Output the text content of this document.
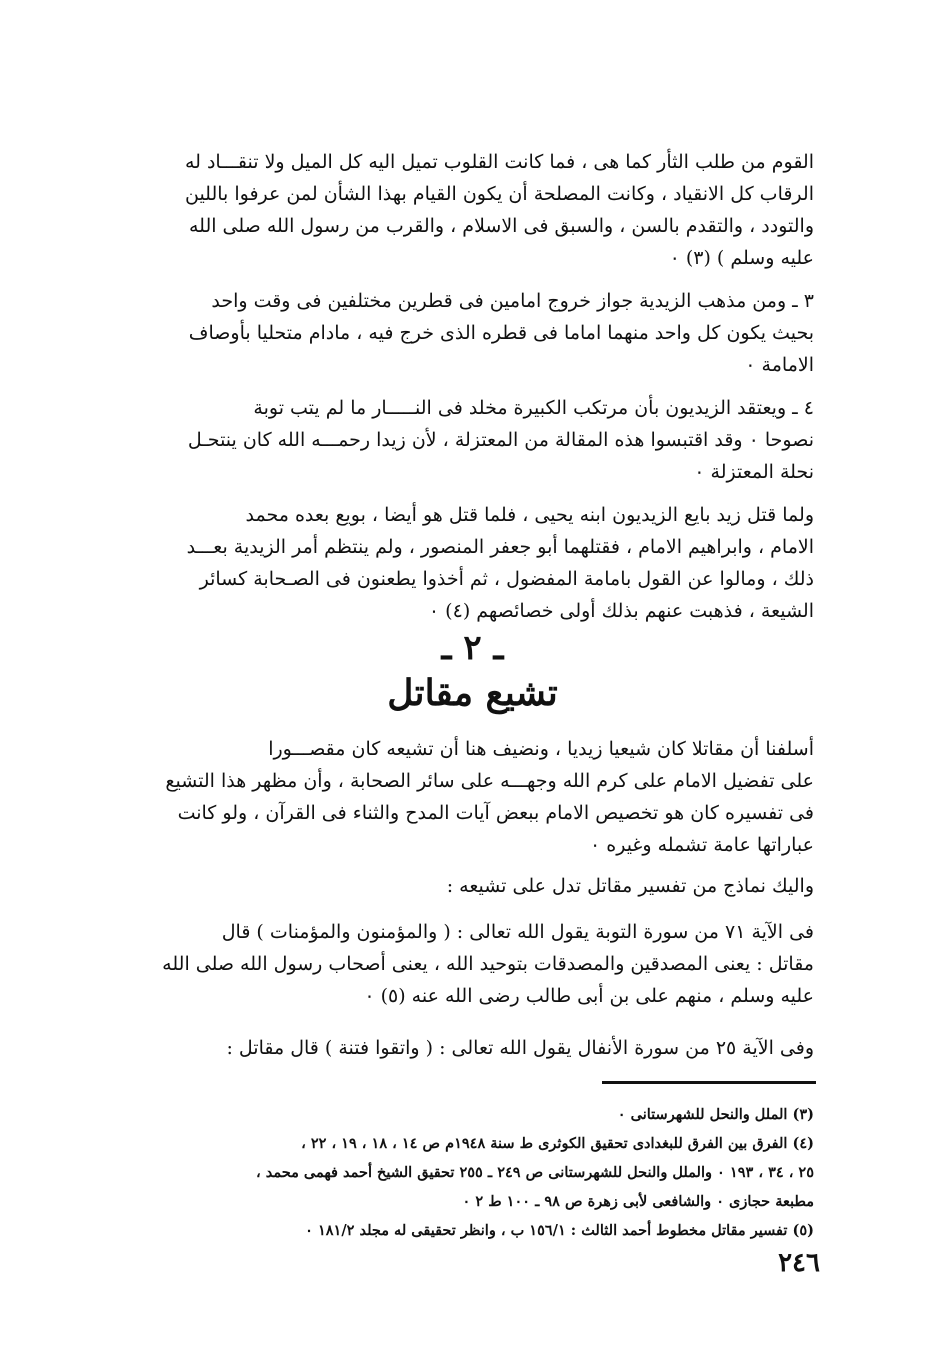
القوم من طلب الثأر كما هى ، فما كانت القلوب تميل اليه كل الميل ولا تنقـــاد له
الرقاب كل الانقياد ، وكانت المصلحة أن يكون القيام بهذا الشأن لمن عرفوا باللين
والتودد ، والتقدم بالسن ، والسبق فى الاسلام ، والقرب من رسول الله صلى الله
عليه وسلم ) (٣) ٠
٣ ـ ومن مذهب الزيدية جواز خروج امامين فى قطرين مختلفين فى وقت واحد
بحيث يكون كل واحد منهما اماما فى قطره الذى خرج فيه ، مادام متحليا بأوصاف
الامامة ٠
٤ ـ ويعتقد الزيديون بأن مرتكب الكبيرة مخلد فى النـــــار ما لم يتب توبة
نصوحا ٠ وقد اقتبسوا هذه المقالة من المعتزلة ، لأن زيدا رحمـــه الله كان ينتحـل
نحلة المعتزلة ٠
ولما قتل زيد بايع الزيديون ابنه يحيى ، فلما قتل هو أيضا ، بويع بعده محمد
الامام ، وابراهيم الامام ، فقتلهما أبو جعفر المنصور ، ولم ينتظم أمر الزيدية بعـــد
ذلك ، ومالوا عن القول بامامة المفضول ، ثم أخذوا يطعنون فى الصـحابة كسائر
الشيعة ، فذهبت عنهم بذلك أولى خصائصهم (٤) ٠
ـ ٢ ـ
تشيع مقاتل
أسلفنا أن مقاتلا كان شيعيا زيديا ، ونضيف هنا أن تشيعه كان مقصـــورا
على تفضيل الامام على كرم الله وجهـــه على سائر الصحابة ، وأن مظهر هذا التشيع
فى تفسيره كان هو تخصيص الامام ببعض آيات المدح والثناء فى القرآن ، ولو كانت
عباراتها عامة تشمله وغيره ٠
واليك نماذج من تفسير مقاتل تدل على تشيعه :
فى الآية ٧١ من سورة التوبة يقول الله تعالى : ( والمؤمنون والمؤمنات ) قال
مقاتل : يعنى المصدقين والمصدقات بتوحيد الله ، يعنى أصحاب رسول الله صلى الله
عليه وسلم ، منهم على بن أبى طالب رضى الله عنه (٥) ٠
وفى الآية ٢٥ من سورة الأنفال يقول الله تعالى : ( واتقوا فتنة ) قال مقاتل :
(٣) الملل والنحل للشهرستانى ٠
(٤) الفرق بين الفرق للبغدادى تحقيق الكوثرى ط سنة ١٩٤٨م ص ١٤ ، ١٨ ، ١٩ ، ٢٢ ،
٢٥ ، ٣٤ ، ١٩٣ ٠ والملل والنحل للشهرستانى ص ٢٤٩ ـ ٢٥٥ تحقيق الشيخ أحمد فهمى محمد ،
مطبعة حجازى ٠ والشافعى لأبى زهرة ص ٩٨ ـ ١٠٠ ط ٢ ٠
(٥) تفسير مقاتل مخطوط أحمد الثالث : ١٥٦/١ ب ، وانظر تحقيقى له مجلد ١٨١/٢ ٠
٢٤٦
